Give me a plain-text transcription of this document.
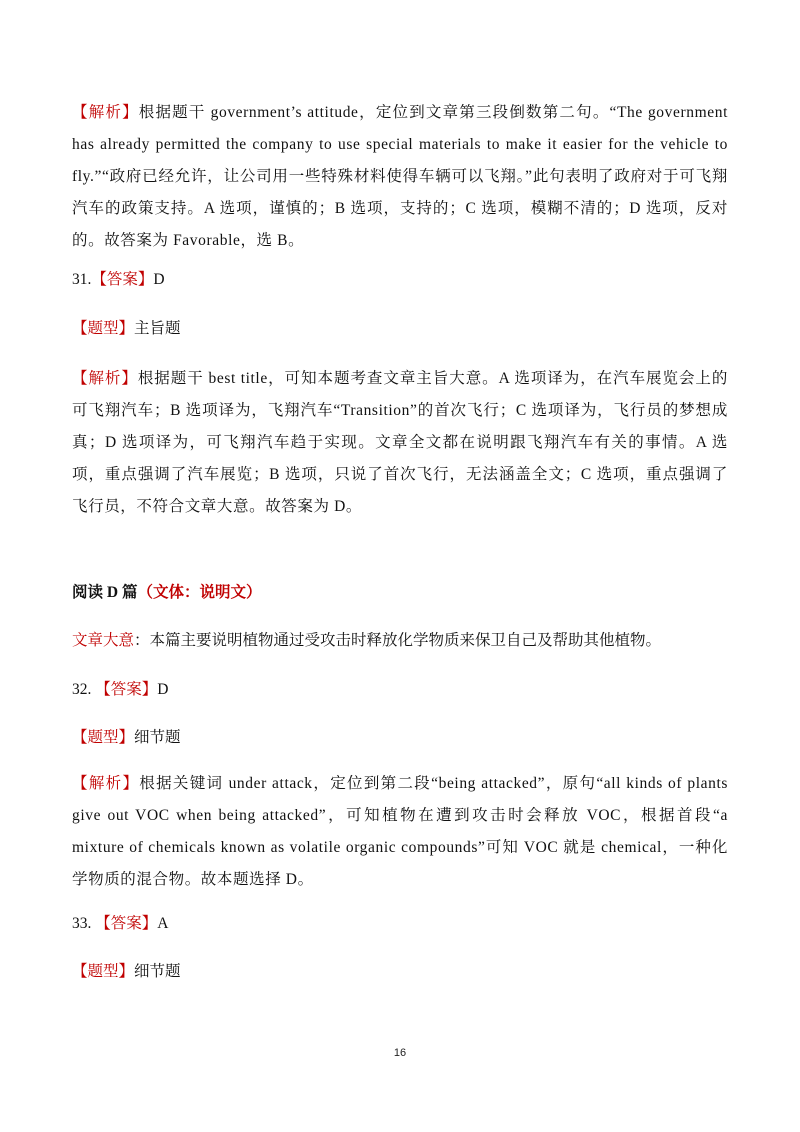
【解析】根据题干 government’s attitude，定位到文章第三段倒数第二句。“The government has already permitted the company to use special materials to make it easier for the vehicle to fly.”“政府已经允许，让公司用一些特殊材料使得车辆可以飞翔。”此句表明了政府对于可飞翔汽车的政策支持。A 选项，谨慎的；B 选项，支持的；C 选项，模糊不清的；D 选项，反对的。故答案为 Favorable，选 B。
31.【答案】D
【题型】主旨题
【解析】根据题干 best title，可知本题考查文章主旨大意。A 选项译为，在汽车展览会上的可飞翔汽车；B 选项译为，飞翔汽车“Transition”的首次飞行；C 选项译为，飞行员的梦想成真；D 选项译为，可飞翔汽车趋于实现。文章全文都在说明跟飞翔汽车有关的事情。A 选项，重点强调了汽车展览；B 选项，只说了首次飞行，无法涵盖全文；C 选项，重点强调了飞行员，不符合文章大意。故答案为 D。
阅读 D 篇（文体：说明文）
文章大意：本篇主要说明植物通过受攻击时释放化学物质来保卫自己及帮助其他植物。
32. 【答案】D
【题型】细节题
【解析】根据关键词 under attack，定位到第二段“being attacked”，原句“all kinds of plants give out VOC when being attacked”，可知植物在遭到攻击时会释放 VOC，根据首段“a mixture of chemicals known as volatile organic compounds”可知 VOC 就是 chemical，一种化学物质的混合物。故本题选择 D。
33. 【答案】A
【题型】细节题
16
